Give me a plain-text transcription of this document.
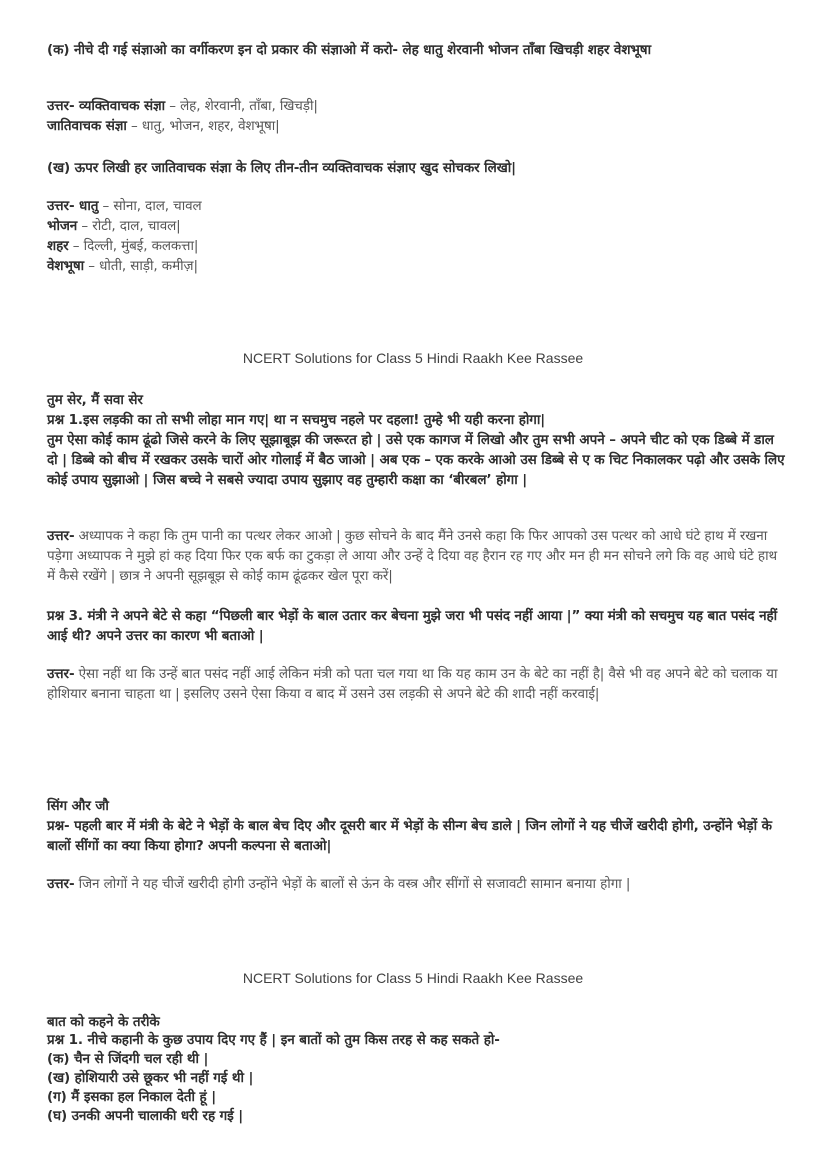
(क) नीचे दी गई संज्ञाओ का वर्गीकरण इन दो प्रकार की संज्ञाओ में करो- लेह धातु शेरवानी भोजन ताँबा खिचड़ी शहर वेशभूषा
उत्तर- व्यक्तिवाचक संज्ञा – लेह, शेरवानी, ताँबा, खिचड़ी|
जातिवाचक संज्ञा – धातु, भोजन, शहर, वेशभूषा|
(ख) ऊपर लिखी हर जातिवाचक संज्ञा के लिए तीन-तीन व्यक्तिवाचक संज्ञाए खुद सोचकर लिखो|
उत्तर- धातु – सोना, दाल, चावल
भोजन – रोटी, दाल, चावल|
शहर – दिल्ली, मुंबई, कलकत्ता|
वेशभूषा – धोती, साड़ी, कमीज़|
NCERT Solutions for Class 5 Hindi Raakh Kee Rassee
तुम सेर, मैं सवा सेर
प्रश्न 1.इस लड़की का तो सभी लोहा मान गए| था न सचमुच नहले पर दहला! तुम्हे भी यही करना होगा|
तुम ऐसा कोई काम ढूंढो जिसे करने के लिए सूझाबूझ की जरूरत हो | उसे एक कागज में लिखो और तुम सभी अपने – अपने चीट को एक डिब्बे में डाल दो | डिब्बे को बीच में रखकर उसके चारों ओर गोलाई में बैठ जाओ | अब एक – एक करके आओ उस डिब्बे से ए क चिट निकालकर पढ़ो और उसके लिए कोई उपाय सुझाओ | जिस बच्चे ने सबसे ज्यादा उपाय सुझाए वह तुम्हारी कक्षा का ‘बीरबल’ होगा |
उत्तर- अध्यापक ने कहा कि तुम पानी का पत्थर लेकर आओ | कुछ सोचने के बाद मैंने उनसे कहा कि फिर आपको उस पत्थर को आधे घंटे हाथ में रखना पड़ेगा अध्यापक ने मुझे हां कह दिया फिर एक बर्फ का टुकड़ा ले आया और उन्हें दे दिया वह हैरान रह गए और मन ही मन सोचने लगे कि वह आधे घंटे हाथ में कैसे रखेंगे | छात्र ने अपनी सूझबूझ से कोई काम ढूंढकर खेल पूरा करें|
प्रश्न 3. मंत्री ने अपने बेटे से कहा “पिछली बार भेड़ों के बाल उतार कर बेचना मुझे जरा भी पसंद नहीं आया |” क्या मंत्री को सचमुच यह बात पसंद नहीं आई थी? अपने उत्तर का कारण भी बताओ |
उत्तर- ऐसा नहीं था कि उन्हें बात पसंद नहीं आई लेकिन मंत्री को पता चल गया था कि यह काम उन के बेटे का नहीं है| वैसे भी वह अपने बेटे को चलाक या होशियार बनाना चाहता था | इसलिए उसने ऐसा किया व बाद में उसने उस लड़की से अपने बेटे की शादी नहीं करवाई|
सिंग और जौ
प्रश्न- पहली बार में मंत्री के बेटे ने भेड़ों के बाल बेच दिए और दूसरी बार में भेड़ों के सीन्ग बेच डाले | जिन लोगों ने यह चीजें खरीदी होगी, उन्होंने भेड़ों के बालों सींगों का क्या किया होगा? अपनी कल्पना से बताओ|
उत्तर- जिन लोगों ने यह चीजें खरीदी होगी उन्होंने भेड़ों के बालों से ऊंन के वस्त्र और सींगों से सजावटी सामान बनाया होगा |
NCERT Solutions for Class 5 Hindi Raakh Kee Rassee
बात को कहने के तरीके
प्रश्न 1. नीचे कहानी के कुछ उपाय दिए गए हैं | इन बातों को तुम किस तरह से कह सकते हो-
(क) चैन से जिंदगी चल रही थी |
(ख) होशियारी उसे छूकर भी नहीं गई थी |
(ग) मैं इसका हल निकाल देती हूं |
(घ) उनकी अपनी चालाकी धरी रह गई |
